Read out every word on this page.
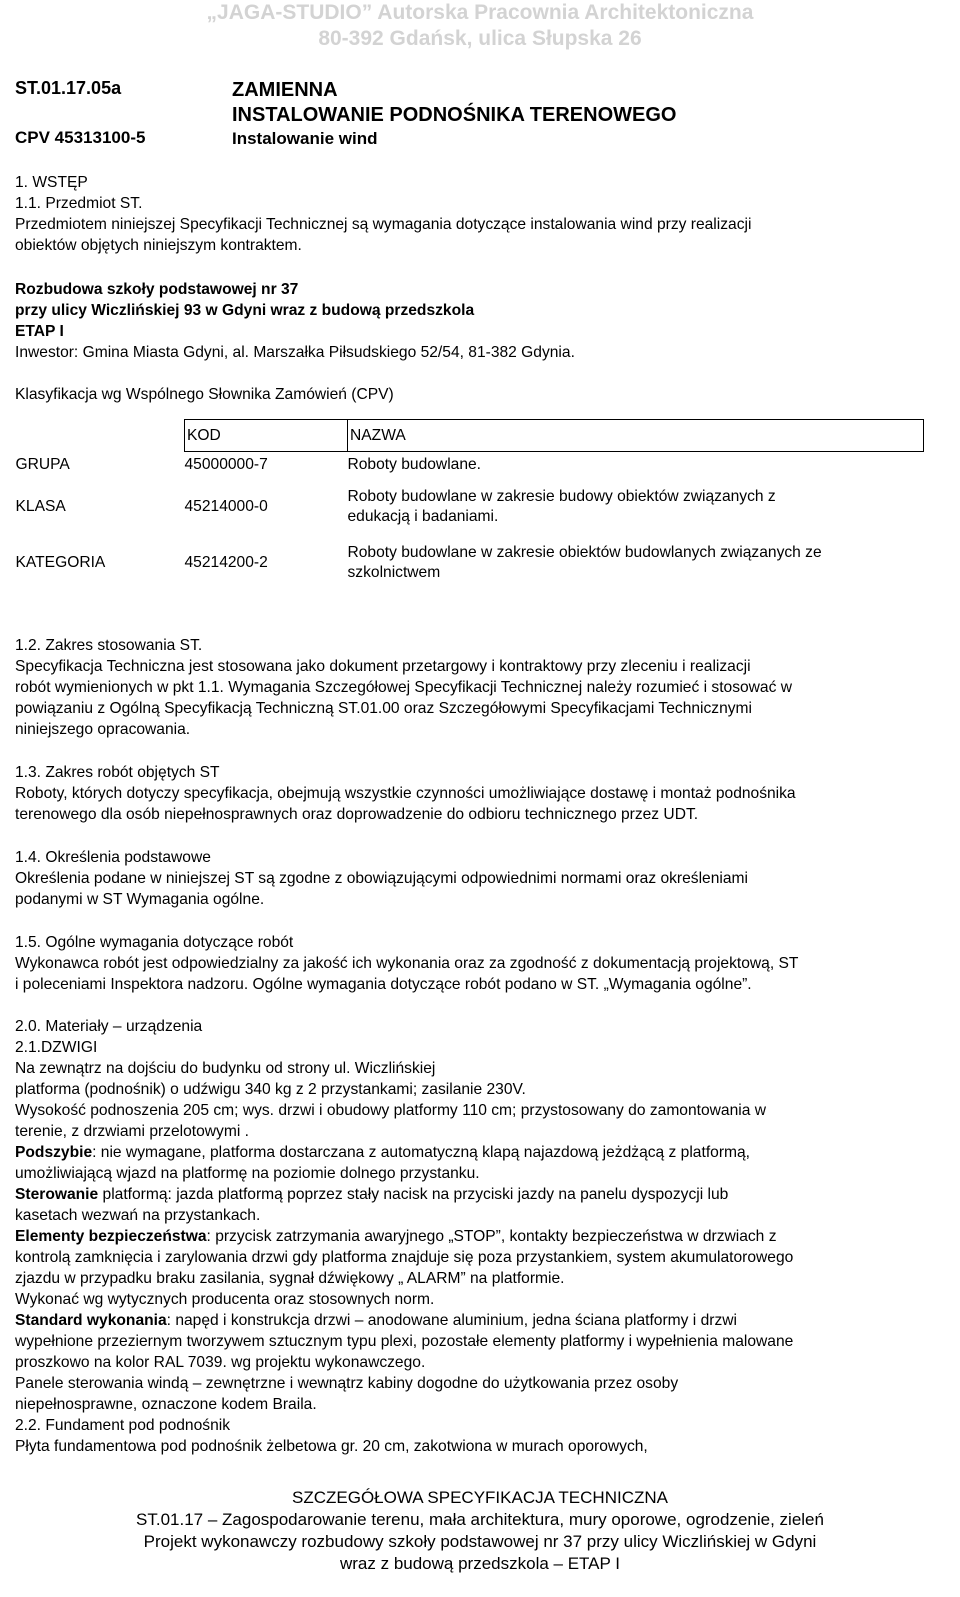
„JAGA-STUDIO” Autorska Pracownia Architektoniczna
80-392 Gdańsk, ulica Słupska 26
ST.01.17.05a
CPV 45313100-5
ZAMIENNA
INSTALOWANIE PODNOŚNIKA TERENOWEGO
Instalowanie wind
1. WSTĘP
1.1. Przedmiot ST.
Przedmiotem niniejszej Specyfikacji Technicznej są wymagania dotyczące instalowania wind przy realizacji
obiektów objętych niniejszym kontraktem.
Rozbudowa szkoły podstawowej nr 37
przy ulicy Wiczlińskiej 93 w Gdyni wraz z budową przedszkola
ETAP I
Inwestor: Gmina Miasta Gdyni, al. Marszałka Piłsudskiego 52/54, 81-382 Gdynia.
Klasyfikacja wg Wspólnego Słownika Zamówień (CPV)
	KOD	NAZWA
GRUPA	45000000-7	Roboty budowlane.
KLASA	45214000-0	Roboty budowlane w zakresie budowy obiektów związanych z
edukacją i badaniami.

KATEGORIA	45214200-2	Roboty budowlane w zakresie obiektów budowlanych związanych ze
szkolnictwem
1.2. Zakres stosowania ST.
Specyfikacja Techniczna jest stosowana jako dokument przetargowy i kontraktowy przy zleceniu i realizacji
robót wymienionych w pkt 1.1. Wymagania Szczegółowej Specyfikacji Technicznej należy rozumieć i stosować w
powiązaniu z Ogólną Specyfikacją Techniczną ST.01.00 oraz Szczegółowymi Specyfikacjami Technicznymi
niniejszego opracowania.
1.3. Zakres robót objętych ST
Roboty, których dotyczy specyfikacja, obejmują wszystkie czynności umożliwiające dostawę i montaż podnośnika
terenowego dla osób niepełnosprawnych oraz doprowadzenie do odbioru technicznego przez UDT.
1.4. Określenia podstawowe
Określenia podane w niniejszej ST są zgodne z obowiązującymi odpowiednimi normami oraz określeniami
podanymi w ST Wymagania ogólne.
1.5. Ogólne wymagania dotyczące robót
Wykonawca robót jest odpowiedzialny za jakość ich wykonania oraz za zgodność z dokumentacją projektową, ST
i poleceniami Inspektora nadzoru. Ogólne wymagania dotyczące robót podano w ST. „Wymagania ogólne”.
2.0. Materiały – urządzenia
2.1.DZWIGI
Na zewnątrz na dojściu do budynku od strony ul. Wiczlińskiej
platforma (podnośnik) o udźwigu 340 kg z 2 przystankami; zasilanie 230V.
Wysokość podnoszenia 205 cm; wys. drzwi i obudowy platformy 110 cm; przystosowany do zamontowania w
terenie, z drzwiami przelotowymi .
Podszybie: nie wymagane, platforma dostarczana z automatyczną klapą najazdową jeżdżącą z platformą,
umożliwiającą wjazd na platformę na poziomie dolnego przystanku.
Sterowanie platformą: jazda platformą poprzez stały nacisk na przyciski jazdy na panelu dyspozycji lub
kasetach wezwań na przystankach.
Elementy bezpieczeństwa: przycisk zatrzymania awaryjnego „STOP”, kontakty bezpieczeństwa w drzwiach z
kontrolą zamknięcia i zarylowania drzwi gdy platforma znajduje się poza przystankiem, system akumulatorowego
zjazdu w przypadku braku zasilania, sygnał dźwiękowy „ ALARM” na platformie.
Wykonać wg wytycznych producenta oraz stosownych norm.
Standard wykonania: napęd i konstrukcja drzwi – anodowane aluminium, jedna ściana platformy i drzwi
wypełnione przeziernym tworzywem sztucznym typu plexi, pozostałe elementy platformy i wypełnienia malowane
proszkowo na kolor RAL 7039. wg projektu wykonawczego.
Panele sterowania windą – zewnętrzne i wewnątrz kabiny dogodne do użytkowania przez osoby
niepełnosprawne, oznaczone kodem Braila.
2.2. Fundament pod podnośnik
Płyta fundamentowa pod podnośnik żelbetowa gr. 20 cm, zakotwiona w murach oporowych,
SZCZEGÓŁOWA SPECYFIKACJA TECHNICZNA
ST.01.17 – Zagospodarowanie terenu, mała architektura, mury oporowe, ogrodzenie, zieleń
Projekt wykonawczy rozbudowy szkoły podstawowej nr 37 przy ulicy Wiczlińskiej w Gdyni
wraz z budową przedszkola – ETAP I
